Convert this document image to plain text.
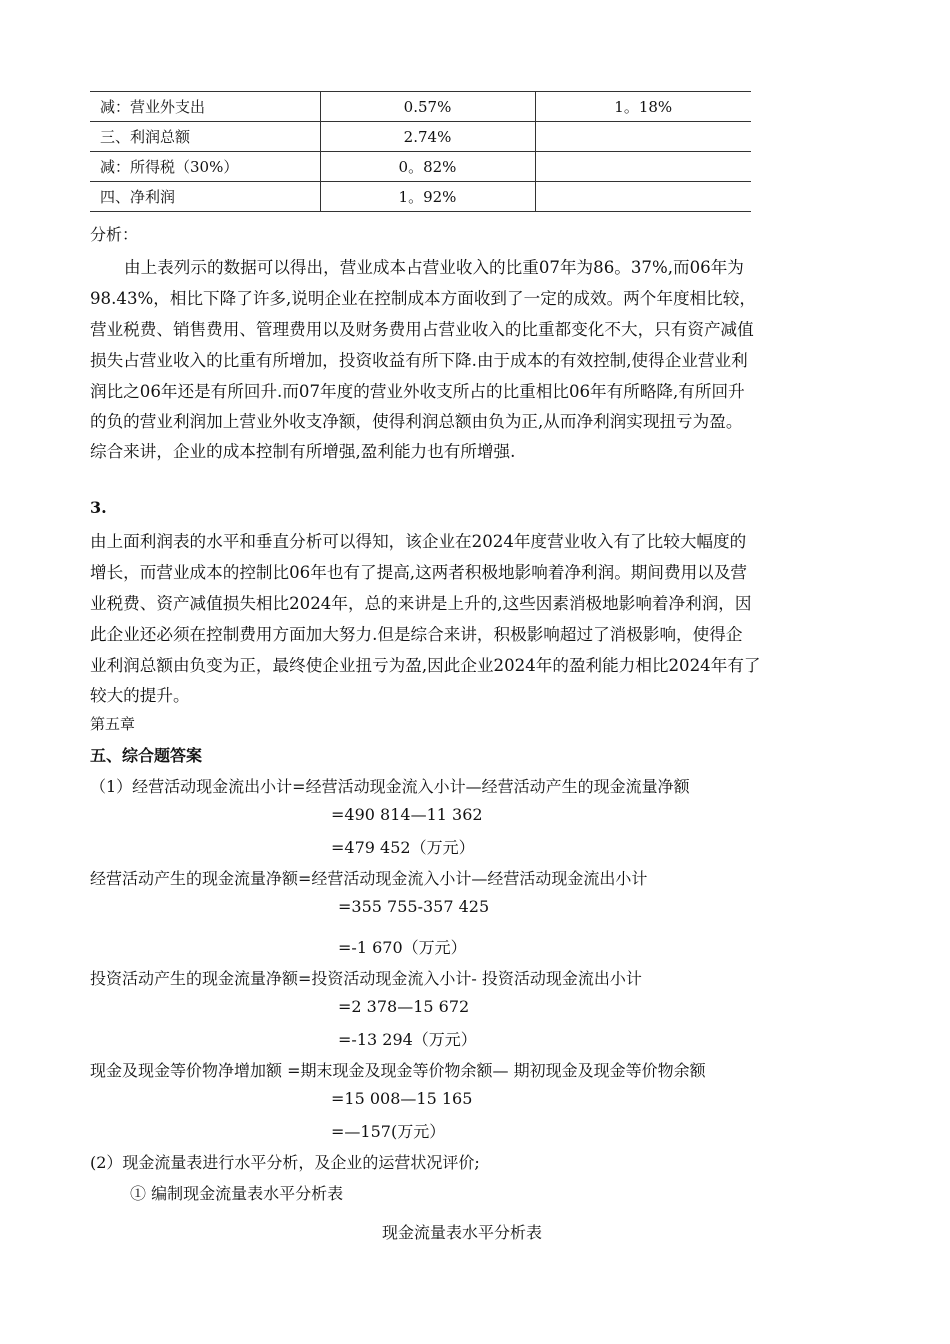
减：营业外支出	0.57%	1。18%
三、利润总额	2.74%	
减：所得税（30%）	0。82%	
四、净利润	1。92%	
分析：
由上表列示的数据可以得出，营业成本占营业收入的比重07年为86。37%,而06年为
98.43%，相比下降了许多,说明企业在控制成本方面收到了一定的成效。两个年度相比较，
营业税费、销售费用、管理费用以及财务费用占营业收入的比重都变化不大，只有资产减值
损失占营业收入的比重有所增加，投资收益有所下降.由于成本的有效控制,使得企业营业利
润比之06年还是有所回升.而07年度的营业外收支所占的比重相比06年有所略降,有所回升
的负的营业利润加上营业外收支净额，使得利润总额由负为正,从而净利润实现扭亏为盈。
综合来讲，企业的成本控制有所增强,盈利能力也有所增强.
3.
由上面利润表的水平和垂直分析可以得知，该企业在2024年度营业收入有了比较大幅度的
增长，而营业成本的控制比06年也有了提高,这两者积极地影响着净利润。期间费用以及营
业税费、资产减值损失相比2024年，总的来讲是上升的,这些因素消极地影响着净利润，因
此企业还必须在控制费用方面加大努力.但是综合来讲，积极影响超过了消极影响，使得企
业利润总额由负变为正，最终使企业扭亏为盈,因此企业2024年的盈利能力相比2024年有了
较大的提升。
第五章
五、综合题答案
（1）经营活动现金流出小计=经营活动现金流入小计—经营活动产生的现金流量净额
=490 814—11 362
=479 452（万元）
经营活动产生的现金流量净额=经营活动现金流入小计—经营活动现金流出小计
=355 755-357 425
=-1 670（万元）
投资活动产生的现金流量净额=投资活动现金流入小计- 投资活动现金流出小计
=2 378—15 672
=-13 294（万元）
现金及现金等价物净增加额 =期末现金及现金等价物余额— 期初现金及现金等价物余额
=15 008—15 165
=—157(万元）
(2）现金流量表进行水平分析，及企业的运营状况评价;
① 编制现金流量表水平分析表
现金流量表水平分析表
